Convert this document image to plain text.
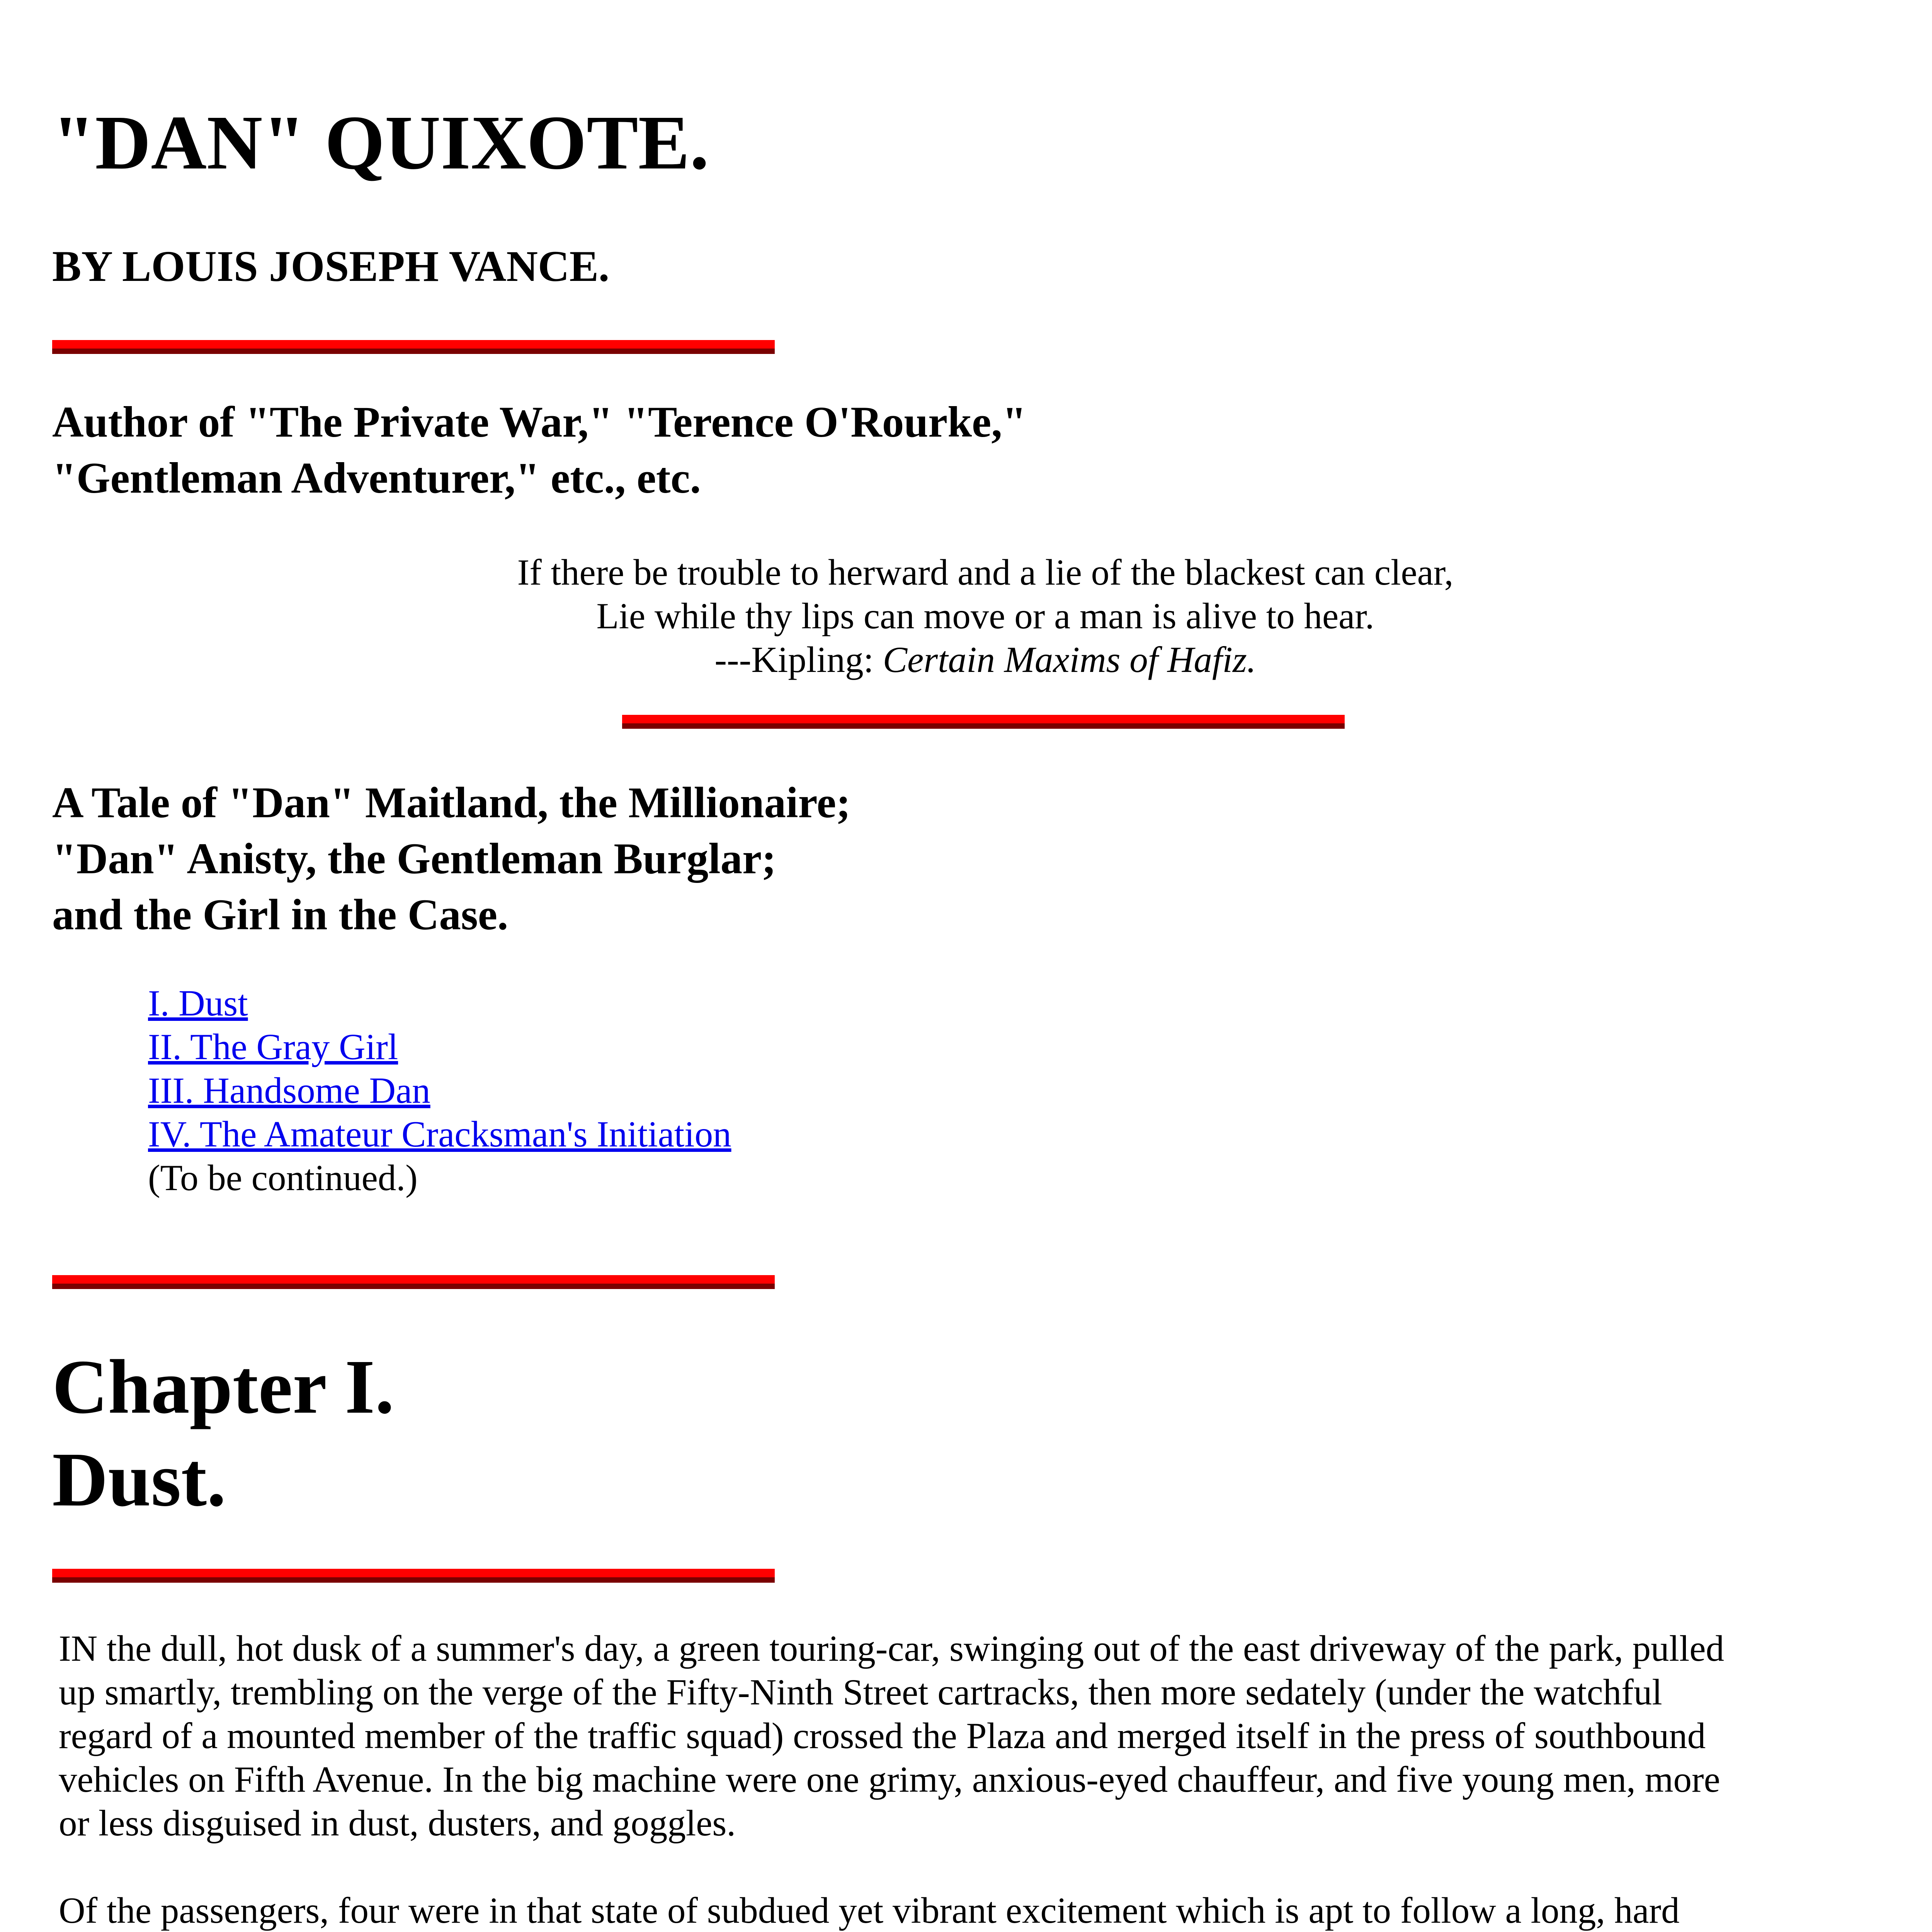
"DAN" QUIXOTE.
BY LOUIS JOSEPH VANCE.
Author of "The Private War," "Terence O'Rourke,"
"Gentleman Adventurer," etc., etc.
If there be trouble to herward and a lie of the blackest can clear,
Lie while thy lips can move or a man is alive to hear.
---Kipling: Certain Maxims of Hafiz.
A Tale of "Dan" Maitland, the Millionaire;
"Dan" Anisty, the Gentleman Burglar;
and the Girl in the Case.
I. Dust
II. The Gray Girl
III. Handsome Dan
IV. The Amateur Cracksman's Initiation
(To be continued.)
Chapter I.
Dust.

IN the dull, hot dusk of a summer's day, a green touring-car, swinging out of the east driveway of the park, pulled up smartly, trembling on the verge of the Fifty-Ninth Street cartracks, then more sedately (under the watchful regard of a mounted member of the traffic squad) crossed the Plaza and merged itself in the press of southbound vehicles on Fifth Avenue. In the big machine were one grimy, anxious-eyed chauffeur, and five young men, more or less disguised in dust, dusters, and goggles.

Of the passengers, four were in that state of subdued yet vibrant excitement which is apt to follow a long, hard
